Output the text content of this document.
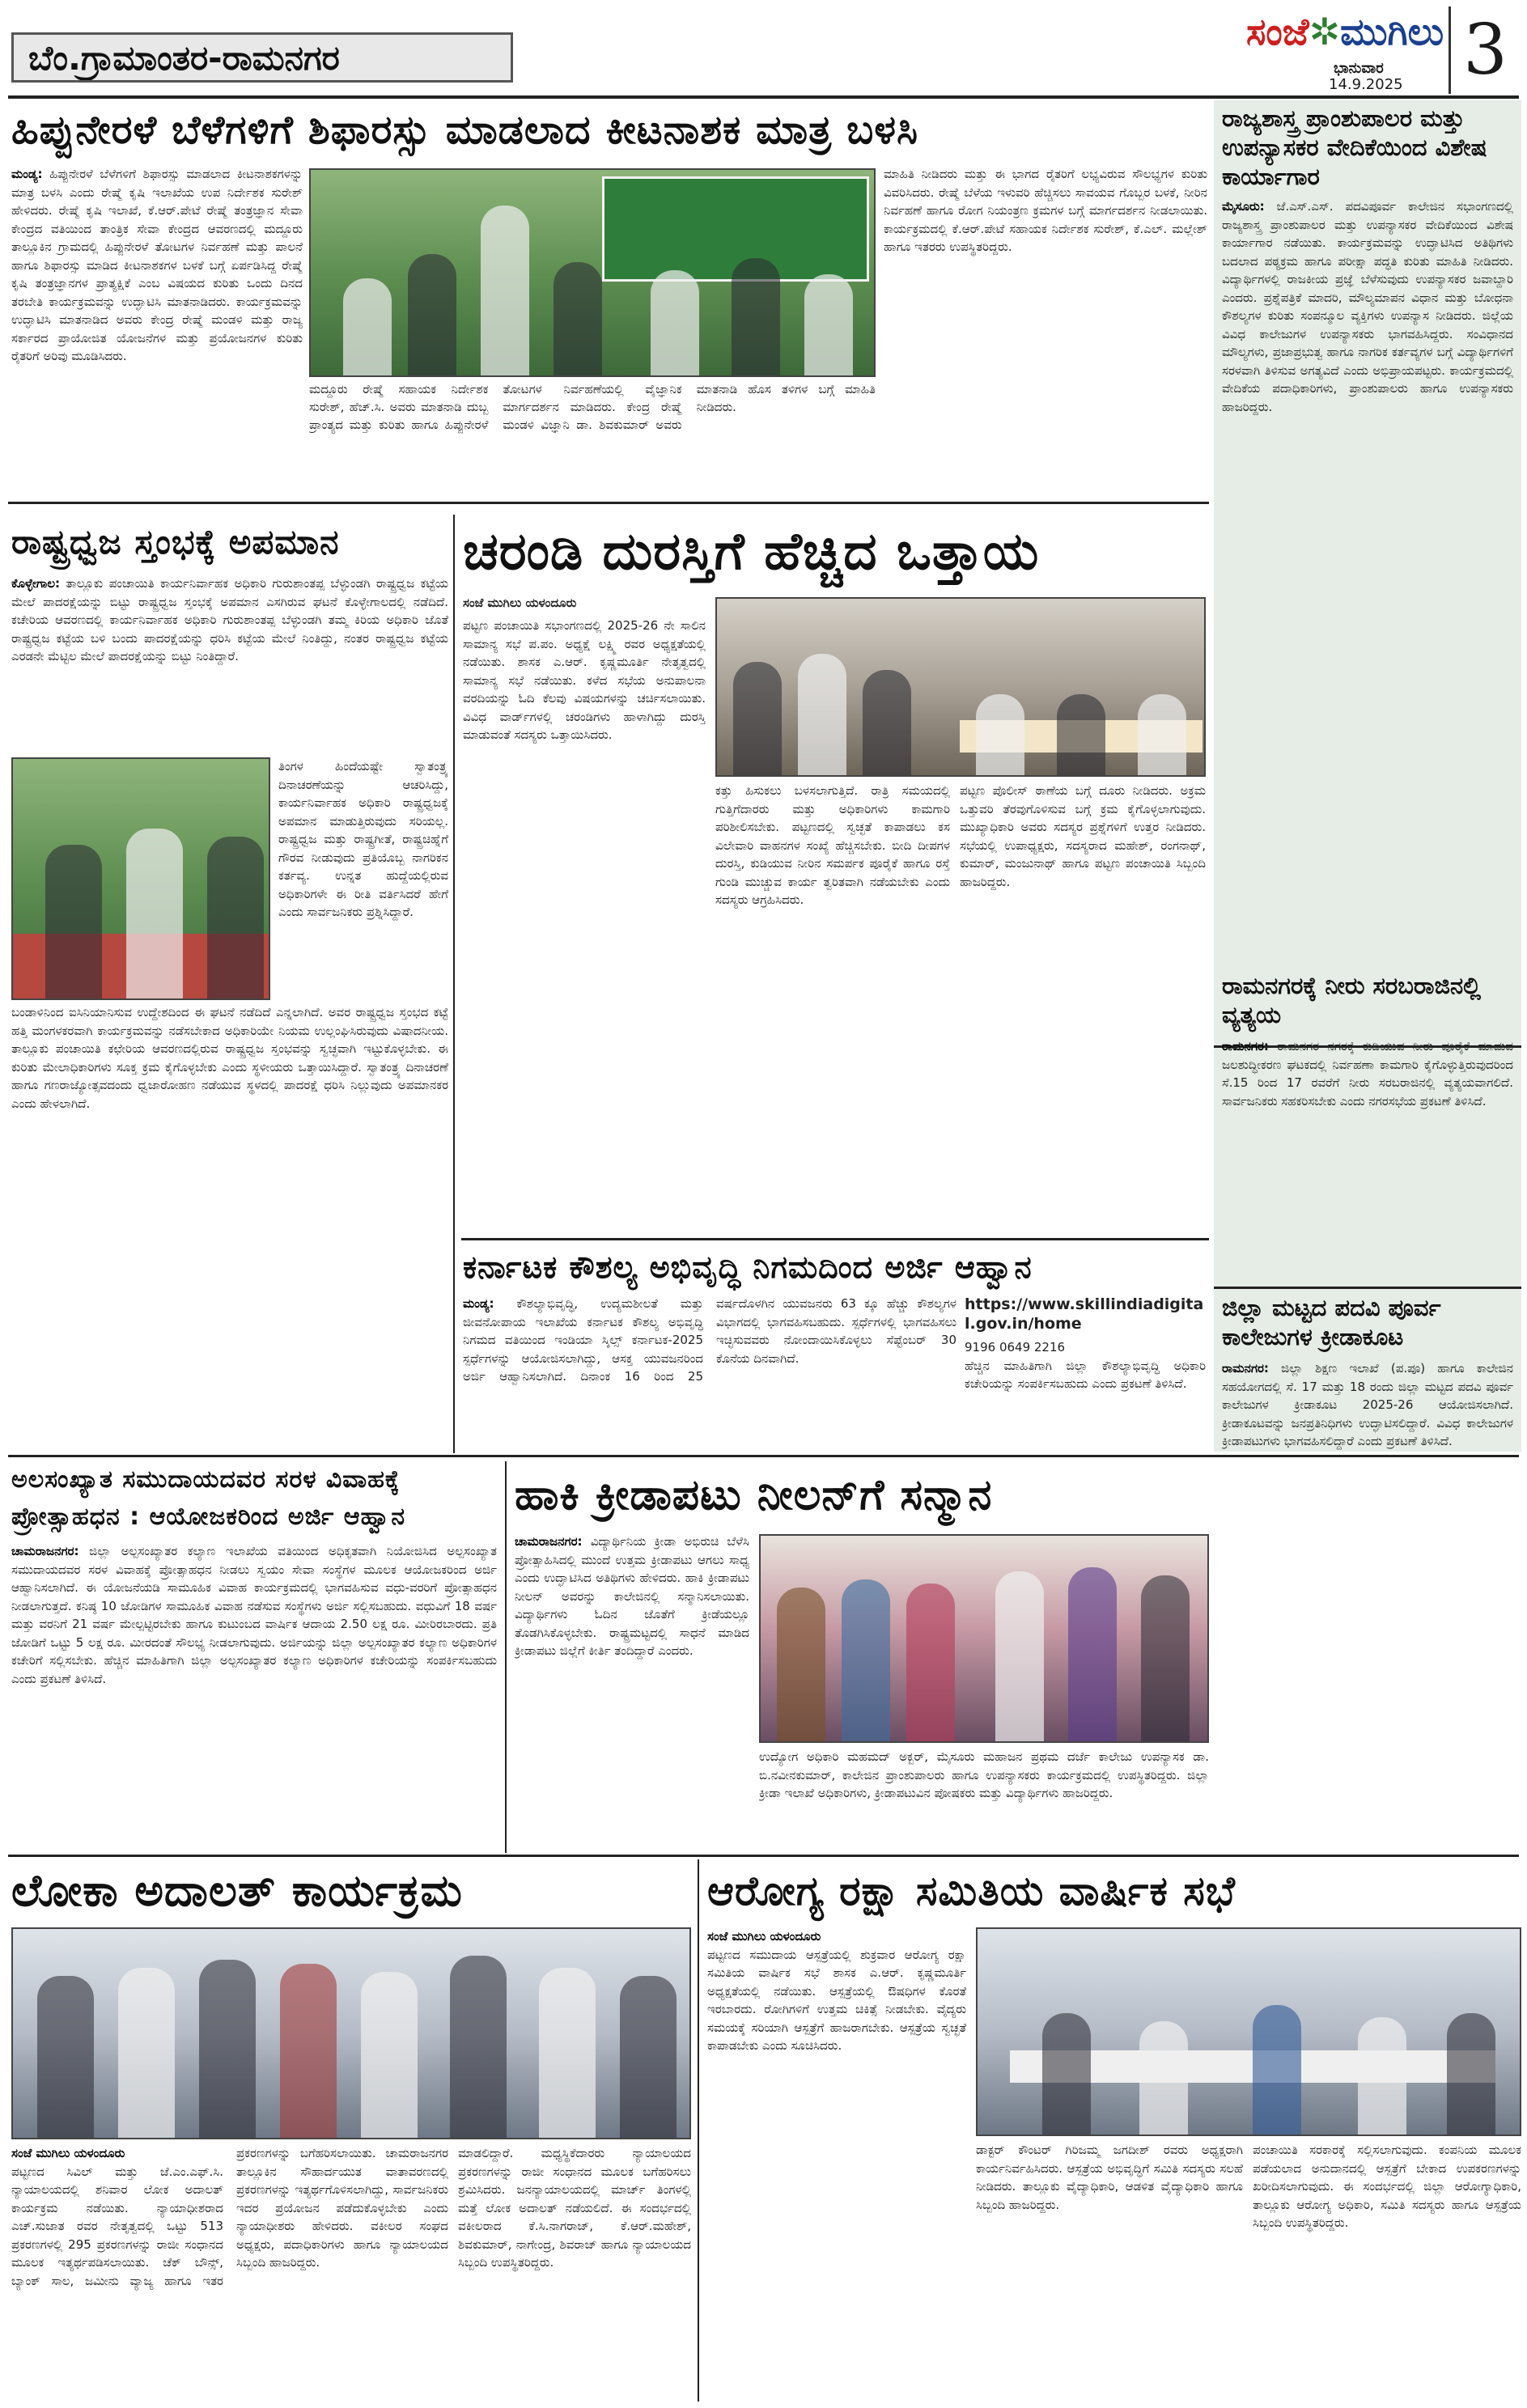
ಬೆಂ.ಗ್ರಾಮಾಂತರ-ರಾಮನಗರ
ಸಂಜೆ✲ಮುಗಿಲು
ಭಾನುವಾರ
14.9.2025 3
ಹಿಪ್ಪುನೇರಳೆ ಬೆಳೆಗಳಿಗೆ ಶಿಫಾರಸ್ಸು ಮಾಡಲಾದ ಕೀಟನಾಶಕ ಮಾತ್ರ ಬಳಸಿ
ಮಂಡ್ಯ: ಹಿಪ್ಪುನೇರಳೆ ಬೆಳೆಗಳಿಗೆ ಶಿಫಾರಸ್ಸು ಮಾಡಲಾದ ಕೀಟನಾಶಕಗಳನ್ನು ಮಾತ್ರ ಬಳಸಿ ಎಂದು ರೇಷ್ಮೆ ಕೃಷಿ ಇಲಾಖೆಯ ಉಪ ನಿರ್ದೇಶಕ ಸುರೇಶ್ ಹೇಳಿದರು. ರೇಷ್ಮೆ ಕೃಷಿ ಇಲಾಖೆ, ಕೆ.ಆರ್.ಪೇಟೆ ರೇಷ್ಮೆ ತಂತ್ರಜ್ಞಾನ ಸೇವಾ ಕೇಂದ್ರದ ವತಿಯಿಂದ ತಾಂತ್ರಿಕ ಸೇವಾ ಕೇಂದ್ರದ ಆವರಣದಲ್ಲಿ ಮದ್ದೂರು ತಾಲ್ಲೂಕಿನ ಗ್ರಾಮದಲ್ಲಿ ಹಿಪ್ಪುನೇರಳೆ ತೋಟಗಳ ನಿರ್ವಹಣೆ ಮತ್ತು ಪಾಲನೆ ಹಾಗೂ ಶಿಫಾರಸ್ಸು ಮಾಡಿದ ಕೀಟನಾಶಕಗಳ ಬಳಕೆ ಬಗ್ಗೆ ಏರ್ಪಡಿಸಿದ್ದ ರೇಷ್ಮೆ ಕೃಷಿ ತಂತ್ರಜ್ಞಾನಗಳ ಪ್ರಾತ್ಯಕ್ಷಿಕೆ ಎಂಬ ವಿಷಯದ ಕುರಿತು ಒಂದು ದಿನದ ತರಬೇತಿ ಕಾರ್ಯಕ್ರಮವನ್ನು ಉದ್ಘಾಟಿಸಿ ಮಾತನಾಡಿದರು. ಕಾರ್ಯಕ್ರಮವನ್ನು ಉದ್ಘಾಟಿಸಿ ಮಾತನಾಡಿದ ಅವರು ಕೇಂದ್ರ ರೇಷ್ಮೆ ಮಂಡಳಿ ಮತ್ತು ರಾಜ್ಯ ಸರ್ಕಾರದ ಪ್ರಾಯೋಜಿತ ಯೋಜನೆಗಳ ಮತ್ತು ಪ್ರಯೋಜನಗಳ ಕುರಿತು ರೈತರಿಗೆ ಅರಿವು ಮೂಡಿಸಿದರು.
ಮದ್ದೂರು ರೇಷ್ಮೆ ಸಹಾಯಕ ನಿರ್ದೇಶಕ ಸುರೇಶ್, ಹೆಚ್.ಸಿ. ಅವರು ಮಾತನಾಡಿ ದುಬ್ಬ ಪ್ರಾಂತ್ಯದ ಮತ್ತು ಕುರಿತು ಹಾಗೂ ಹಿಪ್ಪುನೇರಳೆ ತೋಟಗಳ ನಿರ್ವಹಣೆಯಲ್ಲಿ ವೈಜ್ಞಾನಿಕ ಮಾರ್ಗದರ್ಶನ ಮಾಡಿದರು. ಕೇಂದ್ರ ರೇಷ್ಮೆ ಮಂಡಳಿ ವಿಜ್ಞಾನಿ ಡಾ. ಶಿವಕುಮಾರ್ ಅವರು ಮಾತನಾಡಿ ಹೊಸ ತಳಿಗಳ ಬಗ್ಗೆ ಮಾಹಿತಿ ನೀಡಿದರು.
ಮಾಹಿತಿ ನೀಡಿದರು ಮತ್ತು ಈ ಭಾಗದ ರೈತರಿಗೆ ಲಭ್ಯವಿರುವ ಸೌಲಭ್ಯಗಳ ಕುರಿತು ವಿವರಿಸಿದರು. ರೇಷ್ಮೆ ಬೆಳೆಯ ಇಳುವರಿ ಹೆಚ್ಚಿಸಲು ಸಾವಯವ ಗೊಬ್ಬರ ಬಳಕೆ, ನೀರಿನ ನಿರ್ವಹಣೆ ಹಾಗೂ ರೋಗ ನಿಯಂತ್ರಣ ಕ್ರಮಗಳ ಬಗ್ಗೆ ಮಾರ್ಗದರ್ಶನ ನೀಡಲಾಯಿತು. ಕಾರ್ಯಕ್ರಮದಲ್ಲಿ ಕೆ.ಆರ್.ಪೇಟೆ ಸಹಾಯಕ ನಿರ್ದೇಶಕ ಸುರೇಶ್, ಕೆ.ಎಲ್. ಮಲ್ಲೇಶ್ ಹಾಗೂ ಇತರರು ಉಪಸ್ಥಿತರಿದ್ದರು.
ರಾಜ್ಯಶಾಸ್ತ್ರ ಪ್ರಾಂಶುಪಾಲರ ಮತ್ತು ಉಪನ್ಯಾಸಕರ ವೇದಿಕೆಯಿಂದ ವಿಶೇಷ ಕಾರ್ಯಾಗಾರ
ಮೈಸೂರು: ಜೆ.ಎಸ್.ಎಸ್. ಪದವಿಪೂರ್ವ ಕಾಲೇಜಿನ ಸಭಾಂಗಣದಲ್ಲಿ ರಾಜ್ಯಶಾಸ್ತ್ರ ಪ್ರಾಂಶುಪಾಲರ ಮತ್ತು ಉಪನ್ಯಾಸಕರ ವೇದಿಕೆಯಿಂದ ವಿಶೇಷ ಕಾರ್ಯಾಗಾರ ನಡೆಯಿತು. ಕಾರ್ಯಕ್ರಮವನ್ನು ಉದ್ಘಾಟಿಸಿದ ಅತಿಥಿಗಳು ಬದಲಾದ ಪಠ್ಯಕ್ರಮ ಹಾಗೂ ಪರೀಕ್ಷಾ ಪದ್ಧತಿ ಕುರಿತು ಮಾಹಿತಿ ನೀಡಿದರು. ವಿದ್ಯಾರ್ಥಿಗಳಲ್ಲಿ ರಾಜಕೀಯ ಪ್ರಜ್ಞೆ ಬೆಳೆಸುವುದು ಉಪನ್ಯಾಸಕರ ಜವಾಬ್ದಾರಿ ಎಂದರು. ಪ್ರಶ್ನೆಪತ್ರಿಕೆ ಮಾದರಿ, ಮೌಲ್ಯಮಾಪನ ವಿಧಾನ ಮತ್ತು ಬೋಧನಾ ಕೌಶಲ್ಯಗಳ ಕುರಿತು ಸಂಪನ್ಮೂಲ ವ್ಯಕ್ತಿಗಳು ಉಪನ್ಯಾಸ ನೀಡಿದರು. ಜಿಲ್ಲೆಯ ವಿವಿಧ ಕಾಲೇಜುಗಳ ಉಪನ್ಯಾಸಕರು ಭಾಗವಹಿಸಿದ್ದರು. ಸಂವಿಧಾನದ ಮೌಲ್ಯಗಳು, ಪ್ರಜಾಪ್ರಭುತ್ವ ಹಾಗೂ ನಾಗರಿಕ ಕರ್ತವ್ಯಗಳ ಬಗ್ಗೆ ವಿದ್ಯಾರ್ಥಿಗಳಿಗೆ ಸರಳವಾಗಿ ತಿಳಿಸುವ ಅಗತ್ಯವಿದೆ ಎಂದು ಅಭಿಪ್ರಾಯಪಟ್ಟರು. ಕಾರ್ಯಕ್ರಮದಲ್ಲಿ ವೇದಿಕೆಯ ಪದಾಧಿಕಾರಿಗಳು, ಪ್ರಾಂಶುಪಾಲರು ಹಾಗೂ ಉಪನ್ಯಾಸಕರು ಹಾಜರಿದ್ದರು.
ರಾಮನಗರಕ್ಕೆ ನೀರು ಸರಬರಾಜಿನಲ್ಲಿ ವ್ಯತ್ಯಯ
ರಾಮನಗರ: ರಾಮನಗರ ನಗರಕ್ಕೆ ಕುಡಿಯುವ ನೀರು ಪೂರೈಕೆ ಮಾಡುವ ಜಲಶುದ್ಧೀಕರಣ ಘಟಕದಲ್ಲಿ ನಿರ್ವಹಣಾ ಕಾಮಗಾರಿ ಕೈಗೊಳ್ಳುತ್ತಿರುವುದರಿಂದ ಸೆ.15 ರಿಂದ 17 ರವರೆಗೆ ನೀರು ಸರಬರಾಜಿನಲ್ಲಿ ವ್ಯತ್ಯಯವಾಗಲಿದೆ. ಸಾರ್ವಜನಿಕರು ಸಹಕರಿಸಬೇಕು ಎಂದು ನಗರಸಭೆಯ ಪ್ರಕಟಣೆ ತಿಳಿಸಿದೆ.
ಜಿಲ್ಲಾ ಮಟ್ಟದ ಪದವಿ ಪೂರ್ವ ಕಾಲೇಜುಗಳ ಕ್ರೀಡಾಕೂಟ
ರಾಮನಗರ: ಜಿಲ್ಲಾ ಶಿಕ್ಷಣ ಇಲಾಖೆ (ಪ.ಪೂ) ಹಾಗೂ ಕಾಲೇಜಿನ ಸಹಯೋಗದಲ್ಲಿ ಸೆ. 17 ಮತ್ತು 18 ರಂದು ಜಿಲ್ಲಾ ಮಟ್ಟದ ಪದವಿ ಪೂರ್ವ ಕಾಲೇಜುಗಳ ಕ್ರೀಡಾಕೂಟ 2025-26 ಆಯೋಜಿಸಲಾಗಿದೆ. ಕ್ರೀಡಾಕೂಟವನ್ನು ಜನಪ್ರತಿನಿಧಿಗಳು ಉದ್ಘಾಟಿಸಲಿದ್ದಾರೆ. ವಿವಿಧ ಕಾಲೇಜುಗಳ ಕ್ರೀಡಾಪಟುಗಳು ಭಾಗವಹಿಸಲಿದ್ದಾರೆ ಎಂದು ಪ್ರಕಟಣೆ ತಿಳಿಸಿದೆ.
ರಾಷ್ಟ್ರಧ್ವಜ ಸ್ತಂಭಕ್ಕೆ ಅಪಮಾನ
ಕೊಳ್ಳೇಗಾಲ: ತಾಲ್ಲೂಕು ಪಂಚಾಯಿತಿ ಕಾರ್ಯನಿರ್ವಾಹಕ ಅಧಿಕಾರಿ ಗುರುಶಾಂತಪ್ಪ ಬೆಳ್ಳುಂಡಗಿ ರಾಷ್ಟ್ರಧ್ವಜ ಕಟ್ಟೆಯ ಮೇಲೆ ಪಾದರಕ್ಷೆಯನ್ನು ಬಿಟ್ಟು ರಾಷ್ಟ್ರಧ್ವಜ ಸ್ತಂಭಕ್ಕೆ ಅಪಮಾನ ಎಸಗಿರುವ ಘಟನೆ ಕೊಳ್ಳೇಗಾಲದಲ್ಲಿ ನಡೆದಿದೆ. ಕಚೇರಿಯ ಆವರಣದಲ್ಲಿ ಕಾರ್ಯನಿರ್ವಾಹಕ ಅಧಿಕಾರಿ ಗುರುಶಾಂತಪ್ಪ ಬೆಳ್ಳುಂಡಗಿ ತಮ್ಮ ಕಿರಿಯ ಅಧಿಕಾರಿ ಜೊತೆ ರಾಷ್ಟ್ರಧ್ವಜ ಕಟ್ಟೆಯ ಬಳಿ ಬಂದು ಪಾದರಕ್ಷೆಯನ್ನು ಧರಿಸಿ ಕಟ್ಟೆಯ ಮೇಲೆ ನಿಂತಿದ್ದು, ನಂತರ ರಾಷ್ಟ್ರಧ್ವಜ ಕಟ್ಟೆಯ ಎರಡನೇ ಮೆಟ್ಟಿಲ ಮೇಲೆ ಪಾದರಕ್ಷೆಯನ್ನು ಬಿಟ್ಟು ನಿಂತಿದ್ದಾರೆ.
ತಿಂಗಳ ಹಿಂದೆಯಷ್ಟೇ ಸ್ವಾತಂತ್ರ್ಯ ದಿನಾಚರಣೆಯನ್ನು ಆಚರಿಸಿದ್ದು, ಕಾರ್ಯನಿರ್ವಾಹಕ ಅಧಿಕಾರಿ ರಾಷ್ಟ್ರಧ್ವಜಕ್ಕೆ ಅಪಮಾನ ಮಾಡುತ್ತಿರುವುದು ಸರಿಯಲ್ಲ. ರಾಷ್ಟ್ರಧ್ವಜ ಮತ್ತು ರಾಷ್ಟ್ರಗೀತೆ, ರಾಷ್ಟ್ರಚಿಹ್ನೆಗೆ ಗೌರವ ನೀಡುವುದು ಪ್ರತಿಯೊಬ್ಬ ನಾಗರಿಕನ ಕರ್ತವ್ಯ. ಉನ್ನತ ಹುದ್ದೆಯಲ್ಲಿರುವ ಅಧಿಕಾರಿಗಳೇ ಈ ರೀತಿ ವರ್ತಿಸಿದರೆ ಹೇಗೆ ಎಂದು ಸಾರ್ವಜನಿಕರು ಪ್ರಶ್ನಿಸಿದ್ದಾರೆ.
ಬಂಡಾಳಿನಿಂದ ಐಸಿನಿಯಾನಿಸುವ ಉದ್ದೇಶದಿಂದ ಈ ಘಟನೆ ನಡೆದಿದೆ ಎನ್ನಲಾಗಿದೆ. ಅವರ ರಾಷ್ಟ್ರಧ್ವಜ ಸ್ತಂಭದ ಕಟ್ಟೆ ಹತ್ತಿ ಮಂಗಳಕರವಾಗಿ ಕಾರ್ಯಕ್ರಮವನ್ನು ನಡೆಸಬೇಕಾದ ಅಧಿಕಾರಿಯೇ ನಿಯಮ ಉಲ್ಲಂಘಿಸಿರುವುದು ವಿಷಾದನೀಯ. ತಾಲ್ಲೂಕು ಪಂಚಾಯಿತಿ ಕಛೇರಿಯ ಆವರಣದಲ್ಲಿರುವ ರಾಷ್ಟ್ರಧ್ವಜ ಸ್ತಂಭವನ್ನು ಸ್ವಚ್ಛವಾಗಿ ಇಟ್ಟುಕೊಳ್ಳಬೇಕು. ಈ ಕುರಿತು ಮೇಲಾಧಿಕಾರಿಗಳು ಸೂಕ್ತ ಕ್ರಮ ಕೈಗೊಳ್ಳಬೇಕು ಎಂದು ಸ್ಥಳೀಯರು ಒತ್ತಾಯಿಸಿದ್ದಾರೆ. ಸ್ವಾತಂತ್ರ್ಯ ದಿನಾಚರಣೆ ಹಾಗೂ ಗಣರಾಜ್ಯೋತ್ಸವದಂದು ಧ್ವಜಾರೋಹಣ ನಡೆಯುವ ಸ್ಥಳದಲ್ಲಿ ಪಾದರಕ್ಷೆ ಧರಿಸಿ ನಿಲ್ಲುವುದು ಅಪಮಾನಕರ ಎಂದು ಹೇಳಲಾಗಿದೆ.
ಚರಂಡಿ ದುರಸ್ತಿಗೆ ಹೆಚ್ಚಿದ ಒತ್ತಾಯ
ಸಂಜೆ ಮುಗಿಲು ಯಳಂದೂರು
ಪಟ್ಟಣ ಪಂಚಾಯಿತಿ ಸಭಾಂಗಣದಲ್ಲಿ 2025-26 ನೇ ಸಾಲಿನ ಸಾಮಾನ್ಯ ಸಭೆ ಪ.ಪಂ. ಅಧ್ಯಕ್ಷೆ ಲಕ್ಷ್ಮಿ ರವರ ಅಧ್ಯಕ್ಷತೆಯಲ್ಲಿ ನಡೆಯಿತು. ಶಾಸಕ ಎ.ಆರ್. ಕೃಷ್ಣಮೂರ್ತಿ ನೇತೃತ್ವದಲ್ಲಿ ಸಾಮಾನ್ಯ ಸಭೆ ನಡೆಯಿತು. ಕಳೆದ ಸಭೆಯ ಅನುಪಾಲನಾ ವರದಿಯನ್ನು ಓದಿ ಕೆಲವು ವಿಷಯಗಳನ್ನು ಚರ್ಚಿಸಲಾಯಿತು. ವಿವಿಧ ವಾರ್ಡ್‌ಗಳಲ್ಲಿ ಚರಂಡಿಗಳು ಹಾಳಾಗಿದ್ದು ದುರಸ್ತಿ ಮಾಡುವಂತೆ ಸದಸ್ಯರು ಒತ್ತಾಯಿಸಿದರು.
ಕತ್ತು ಹಿಸುಕಲು ಬಳಸಲಾಗುತ್ತಿದೆ. ರಾತ್ರಿ ಸಮಯದಲ್ಲಿ ಗುತ್ತಿಗೆದಾರರು ಮತ್ತು ಅಧಿಕಾರಿಗಳು ಕಾಮಗಾರಿ ಪರಿಶೀಲಿಸಬೇಕು. ಪಟ್ಟಣದಲ್ಲಿ ಸ್ವಚ್ಛತೆ ಕಾಪಾಡಲು ಕಸ ವಿಲೇವಾರಿ ವಾಹನಗಳ ಸಂಖ್ಯೆ ಹೆಚ್ಚಿಸಬೇಕು. ಬೀದಿ ದೀಪಗಳ ದುರಸ್ತಿ, ಕುಡಿಯುವ ನೀರಿನ ಸಮರ್ಪಕ ಪೂರೈಕೆ ಹಾಗೂ ರಸ್ತೆ ಗುಂಡಿ ಮುಚ್ಚುವ ಕಾರ್ಯ ತ್ವರಿತವಾಗಿ ನಡೆಯಬೇಕು ಎಂದು ಸದಸ್ಯರು ಆಗ್ರಹಿಸಿದರು.
ಪಟ್ಟಣ ಪೊಲೀಸ್ ಠಾಣೆಯ ಬಗ್ಗೆ ದೂರು ನೀಡಿದರು. ಅಕ್ರಮ ಒತ್ತುವರಿ ತೆರವುಗೊಳಿಸುವ ಬಗ್ಗೆ ಕ್ರಮ ಕೈಗೊಳ್ಳಲಾಗುವುದು. ಮುಖ್ಯಾಧಿಕಾರಿ ಅವರು ಸದಸ್ಯರ ಪ್ರಶ್ನೆಗಳಿಗೆ ಉತ್ತರ ನೀಡಿದರು. ಸಭೆಯಲ್ಲಿ ಉಪಾಧ್ಯಕ್ಷರು, ಸದಸ್ಯರಾದ ಮಹೇಶ್, ರಂಗನಾಥ್, ಕುಮಾರ್, ಮಂಜುನಾಥ್ ಹಾಗೂ ಪಟ್ಟಣ ಪಂಚಾಯಿತಿ ಸಿಬ್ಬಂದಿ ಹಾಜರಿದ್ದರು.
ಕರ್ನಾಟಕ ಕೌಶಲ್ಯ ಅಭಿವೃದ್ಧಿ ನಿಗಮದಿಂದ ಅರ್ಜಿ ಆಹ್ವಾನ
ಮಂಡ್ಯ: ಕೌಶಲ್ಯಾಭಿವೃದ್ಧಿ, ಉದ್ಯಮಶೀಲತೆ ಮತ್ತು ಜೀವನೋಪಾಯ ಇಲಾಖೆಯ ಕರ್ನಾಟಕ ಕೌಶಲ್ಯ ಅಭಿವೃದ್ಧಿ ನಿಗಮದ ವತಿಯಿಂದ ಇಂಡಿಯಾ ಸ್ಕಿಲ್ಸ್ ಕರ್ನಾಟಕ-2025 ಸ್ಪರ್ಧೆಗಳನ್ನು ಆಯೋಜಿಸಲಾಗಿದ್ದು, ಆಸಕ್ತ ಯುವಜನರಿಂದ ಅರ್ಜಿ ಆಹ್ವಾನಿಸಲಾಗಿದೆ. ದಿನಾಂಕ 16 ರಿಂದ 25 ವರ್ಷದೊಳಗಿನ ಯುವಜನರು 63 ಕ್ಕೂ ಹೆಚ್ಚು ಕೌಶಲ್ಯಗಳ ವಿಭಾಗದಲ್ಲಿ ಭಾಗವಹಿಸಬಹುದು. ಸ್ಪರ್ಧೆಗಳಲ್ಲಿ ಭಾಗವಹಿಸಲು ಇಚ್ಛಿಸುವವರು ನೋಂದಾಯಿಸಿಕೊಳ್ಳಲು ಸೆಪ್ಟೆಂಬರ್ 30 ಕೊನೆಯ ದಿನವಾಗಿದೆ.
https://www.skillindiadigital.gov.in/home
9196 0649 2216
ಹೆಚ್ಚಿನ ಮಾಹಿತಿಗಾಗಿ ಜಿಲ್ಲಾ ಕೌಶಲ್ಯಾಭಿವೃದ್ಧಿ ಅಧಿಕಾರಿ ಕಚೇರಿಯನ್ನು ಸಂಪರ್ಕಿಸಬಹುದು ಎಂದು ಪ್ರಕಟಣೆ ತಿಳಿಸಿದೆ.
ಅಲಸಂಖ್ಯಾತ ಸಮುದಾಯದವರ ಸರಳ ವಿವಾಹಕ್ಕೆ ಪ್ರೋತ್ಸಾಹಧನ : ಆಯೋಜಕರಿಂದ ಅರ್ಜಿ ಆಹ್ವಾನ
ಚಾಮರಾಜನಗರ: ಜಿಲ್ಲಾ ಅಲ್ಪಸಂಖ್ಯಾತರ ಕಲ್ಯಾಣ ಇಲಾಖೆಯ ವತಿಯಿಂದ ಅಧಿಕೃತವಾಗಿ ನಿಯೋಜಿಸಿದ ಅಲ್ಪಸಂಖ್ಯಾತ ಸಮುದಾಯದವರ ಸರಳ ವಿವಾಹಕ್ಕೆ ಪ್ರೋತ್ಸಾಹಧನ ನೀಡಲು ಸ್ವಯಂ ಸೇವಾ ಸಂಸ್ಥೆಗಳ ಮೂಲಕ ಆಯೋಜಕರಿಂದ ಅರ್ಜಿ ಆಹ್ವಾನಿಸಲಾಗಿದೆ. ಈ ಯೋಜನೆಯಡಿ ಸಾಮೂಹಿಕ ವಿವಾಹ ಕಾರ್ಯಕ್ರಮದಲ್ಲಿ ಭಾಗವಹಿಸುವ ವಧು-ವರರಿಗೆ ಪ್ರೋತ್ಸಾಹಧನ ನೀಡಲಾಗುತ್ತದೆ. ಕನಿಷ್ಠ 10 ಜೋಡಿಗಳ ಸಾಮೂಹಿಕ ವಿವಾಹ ನಡೆಸುವ ಸಂಸ್ಥೆಗಳು ಅರ್ಜಿ ಸಲ್ಲಿಸಬಹುದು. ವಧುವಿಗೆ 18 ವರ್ಷ ಮತ್ತು ವರನಿಗೆ 21 ವರ್ಷ ಮೇಲ್ಪಟ್ಟಿರಬೇಕು ಹಾಗೂ ಕುಟುಂಬದ ವಾರ್ಷಿಕ ಆದಾಯ 2.50 ಲಕ್ಷ ರೂ. ಮೀರಿರಬಾರದು. ಪ್ರತಿ ಜೋಡಿಗೆ ಒಟ್ಟು 5 ಲಕ್ಷ ರೂ. ಮೀರದಂತೆ ಸೌಲಭ್ಯ ನೀಡಲಾಗುವುದು. ಅರ್ಜಿಯನ್ನು ಜಿಲ್ಲಾ ಅಲ್ಪಸಂಖ್ಯಾತರ ಕಲ್ಯಾಣ ಅಧಿಕಾರಿಗಳ ಕಚೇರಿಗೆ ಸಲ್ಲಿಸಬೇಕು. ಹೆಚ್ಚಿನ ಮಾಹಿತಿಗಾಗಿ ಜಿಲ್ಲಾ ಅಲ್ಪಸಂಖ್ಯಾತರ ಕಲ್ಯಾಣ ಅಧಿಕಾರಿಗಳ ಕಚೇರಿಯನ್ನು ಸಂಪರ್ಕಿಸಬಹುದು ಎಂದು ಪ್ರಕಟಣೆ ತಿಳಿಸಿದೆ.
ಹಾಕಿ ಕ್ರೀಡಾಪಟು ನೀಲನ್‌ಗೆ ಸನ್ಮಾನ
ಚಾಮರಾಜನಗರ: ವಿದ್ಯಾರ್ಥಿನಿಯ ಕ್ರೀಡಾ ಅಭಿರುಚಿ ಬೆಳೆಸಿ ಪ್ರೋತ್ಸಾಹಿಸಿದಲ್ಲಿ ಮುಂದೆ ಉತ್ತಮ ಕ್ರೀಡಾಪಟು ಆಗಲು ಸಾಧ್ಯ ಎಂದು ಉದ್ಘಾಟಿಸಿದ ಅತಿಥಿಗಳು ಹೇಳಿದರು. ಹಾಕಿ ಕ್ರೀಡಾಪಟು ನೀಲನ್ ಅವರನ್ನು ಕಾಲೇಜಿನಲ್ಲಿ ಸನ್ಮಾನಿಸಲಾಯಿತು. ವಿದ್ಯಾರ್ಥಿಗಳು ಓದಿನ ಜೊತೆಗೆ ಕ್ರೀಡೆಯಲ್ಲೂ ತೊಡಗಿಸಿಕೊಳ್ಳಬೇಕು. ರಾಷ್ಟ್ರಮಟ್ಟದಲ್ಲಿ ಸಾಧನೆ ಮಾಡಿದ ಕ್ರೀಡಾಪಟು ಜಿಲ್ಲೆಗೆ ಕೀರ್ತಿ ತಂದಿದ್ದಾರೆ ಎಂದರು.
ಉದ್ಯೋಗ ಅಧಿಕಾರಿ ಮಹಮದ್ ಅಕ್ಬರ್, ಮೈಸೂರು ಮಹಾಜನ ಪ್ರಥಮ ದರ್ಜೆ ಕಾಲೇಜು ಉಪನ್ಯಾಸಕ ಡಾ. ಬಿ.ನವೀನಕುಮಾರ್, ಕಾಲೇಜಿನ ಪ್ರಾಂಶುಪಾಲರು ಹಾಗೂ ಉಪನ್ಯಾಸಕರು ಕಾರ್ಯಕ್ರಮದಲ್ಲಿ ಉಪಸ್ಥಿತರಿದ್ದರು. ಜಿಲ್ಲಾ ಕ್ರೀಡಾ ಇಲಾಖೆ ಅಧಿಕಾರಿಗಳು, ಕ್ರೀಡಾಪಟುವಿನ ಪೋಷಕರು ಮತ್ತು ವಿದ್ಯಾರ್ಥಿಗಳು ಹಾಜರಿದ್ದರು.
ಲೋಕಾ ಅದಾಲತ್ ಕಾರ್ಯಕ್ರಮ
ಸಂಜೆ ಮುಗಿಲು ಯಳಂದೂರು
ಪಟ್ಟಣದ ಸಿವಿಲ್ ಮತ್ತು ಜೆ.ಎಂ.ಎಫ್.ಸಿ. ನ್ಯಾಯಾಲಯದಲ್ಲಿ ಶನಿವಾರ ಲೋಕ ಅದಾಲತ್ ಕಾರ್ಯಕ್ರಮ ನಡೆಯಿತು. ನ್ಯಾಯಾಧೀಶರಾದ ಎಚ್.ಸುಜಾತ ರವರ ನೇತೃತ್ವದಲ್ಲಿ ಒಟ್ಟು 513 ಪ್ರಕರಣಗಳಲ್ಲಿ 295 ಪ್ರಕರಣಗಳನ್ನು ರಾಜೀ ಸಂಧಾನದ ಮೂಲಕ ಇತ್ಯರ್ಥಪಡಿಸಲಾಯಿತು. ಚೆಕ್ ಬೌನ್ಸ್, ಬ್ಯಾಂಕ್ ಸಾಲ, ಜಮೀನು ವ್ಯಾಜ್ಯ ಹಾಗೂ ಇತರ ಪ್ರಕರಣಗಳನ್ನು ಬಗೆಹರಿಸಲಾಯಿತು. ಚಾಮರಾಜನಗರ ತಾಲ್ಲೂಕಿನ ಸೌಹಾರ್ದಯುತ ವಾತಾವರಣದಲ್ಲಿ ಪ್ರಕರಣಗಳನ್ನು ಇತ್ಯರ್ಥಗೊಳಿಸಲಾಗಿದ್ದು, ಸಾರ್ವಜನಿಕರು ಇದರ ಪ್ರಯೋಜನ ಪಡೆದುಕೊಳ್ಳಬೇಕು ಎಂದು ನ್ಯಾಯಾಧೀಶರು ಹೇಳಿದರು. ವಕೀಲರ ಸಂಘದ ಅಧ್ಯಕ್ಷರು, ಪದಾಧಿಕಾರಿಗಳು ಹಾಗೂ ನ್ಯಾಯಾಲಯದ ಸಿಬ್ಬಂದಿ ಹಾಜರಿದ್ದರು.
ಮಾಡಲಿದ್ದಾರೆ. ಮಧ್ಯಸ್ಥಿಕೆದಾರರು ನ್ಯಾಯಾಲಯದ ಪ್ರಕರಣಗಳನ್ನು ರಾಜೀ ಸಂಧಾನದ ಮೂಲಕ ಬಗೆಹರಿಸಲು ಶ್ರಮಿಸಿದರು. ಜನನ್ಯಾಯಾಲಯದಲ್ಲಿ ಮಾರ್ಚ್ ತಿಂಗಳಲ್ಲಿ ಮತ್ತೆ ಲೋಕ ಅದಾಲತ್ ನಡೆಯಲಿದೆ. ಈ ಸಂದರ್ಭದಲ್ಲಿ ವಕೀಲರಾದ ಕೆ.ಸಿ.ನಾಗರಾಜ್, ಕೆ.ಆರ್.ಮಹೇಶ್, ಶಿವಕುಮಾರ್, ನಾಗೇಂದ್ರ, ಶಿವರಾಜ್ ಹಾಗೂ ನ್ಯಾಯಾಲಯದ ಸಿಬ್ಬಂದಿ ಉಪಸ್ಥಿತರಿದ್ದರು.
ಆರೋಗ್ಯ ರಕ್ಷಾ ಸಮಿತಿಯ ವಾರ್ಷಿಕ ಸಭೆ
ಸಂಜೆ ಮುಗಿಲು ಯಳಂದೂರು
ಪಟ್ಟಣದ ಸಮುದಾಯ ಆಸ್ಪತ್ರೆಯಲ್ಲಿ ಶುಕ್ರವಾರ ಆರೋಗ್ಯ ರಕ್ಷಾ ಸಮಿತಿಯ ವಾರ್ಷಿಕ ಸಭೆ ಶಾಸಕ ಎ.ಆರ್. ಕೃಷ್ಣಮೂರ್ತಿ ಅಧ್ಯಕ್ಷತೆಯಲ್ಲಿ ನಡೆಯಿತು. ಆಸ್ಪತ್ರೆಯಲ್ಲಿ ಔಷಧಿಗಳ ಕೊರತೆ ಇರಬಾರದು. ರೋಗಿಗಳಿಗೆ ಉತ್ತಮ ಚಿಕಿತ್ಸೆ ನೀಡಬೇಕು. ವೈದ್ಯರು ಸಮಯಕ್ಕೆ ಸರಿಯಾಗಿ ಆಸ್ಪತ್ರೆಗೆ ಹಾಜರಾಗಬೇಕು. ಆಸ್ಪತ್ರೆಯ ಸ್ವಚ್ಛತೆ ಕಾಪಾಡಬೇಕು ಎಂದು ಸೂಚಿಸಿದರು.
ಡಾಕ್ಟರ್ ಕೌಂಟರ್ ಗಿರಿಜಮ್ಮ ಜಗದೀಶ್ ರವರು ಅಧ್ಯಕ್ಷರಾಗಿ ಕಾರ್ಯನಿರ್ವಹಿಸಿದರು. ಆಸ್ಪತ್ರೆಯ ಅಭಿವೃದ್ಧಿಗೆ ಸಮಿತಿ ಸದಸ್ಯರು ಸಲಹೆ ನೀಡಿದರು. ತಾಲ್ಲೂಕು ವೈದ್ಯಾಧಿಕಾರಿ, ಆಡಳಿತ ವೈದ್ಯಾಧಿಕಾರಿ ಹಾಗೂ ಸಿಬ್ಬಂದಿ ಹಾಜರಿದ್ದರು.
ಪಂಚಾಯಿತಿ ಸರಕಾರಕ್ಕೆ ಸಲ್ಲಿಸಲಾಗುವುದು. ಕಂಪನಿಯ ಮೂಲಕ ಪಡೆಯಲಾದ ಅನುದಾನದಲ್ಲಿ ಆಸ್ಪತ್ರೆಗೆ ಬೇಕಾದ ಉಪಕರಣಗಳನ್ನು ಖರೀದಿಸಲಾಗುವುದು. ಈ ಸಂದರ್ಭದಲ್ಲಿ ಜಿಲ್ಲಾ ಆರೋಗ್ಯಾಧಿಕಾರಿ, ತಾಲ್ಲೂಕು ಆರೋಗ್ಯ ಅಧಿಕಾರಿ, ಸಮಿತಿ ಸದಸ್ಯರು ಹಾಗೂ ಆಸ್ಪತ್ರೆಯ ಸಿಬ್ಬಂದಿ ಉಪಸ್ಥಿತರಿದ್ದರು.
